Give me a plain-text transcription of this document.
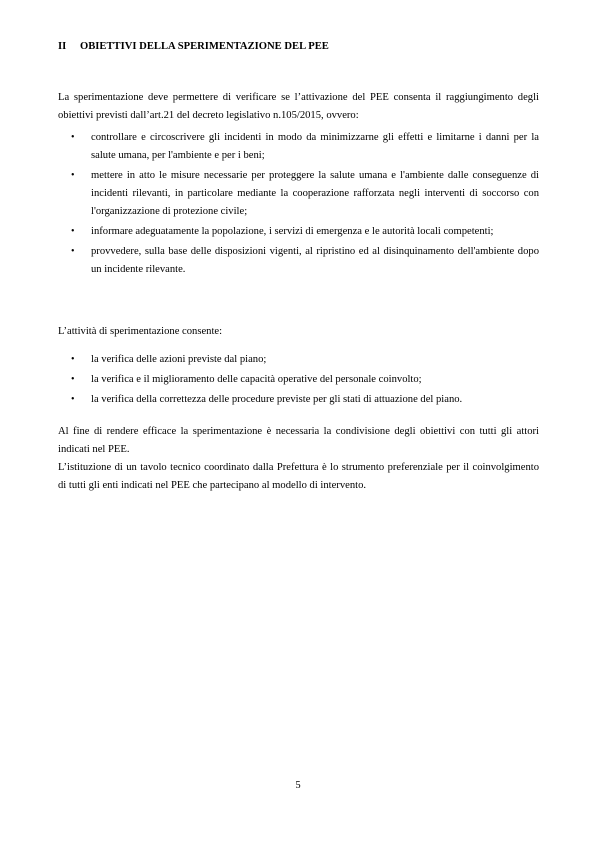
II OBIETTIVI DELLA SPERIMENTAZIONE DEL PEE
La sperimentazione deve permettere di verificare se l’attivazione del PEE consenta il raggiungimento degli obiettivi previsti dall’art.21 del decreto legislativo n.105/2015, ovvero:
• controllare e circoscrivere gli incidenti in modo da minimizzarne gli effetti e limitarne i danni per la salute umana, per l'ambiente e per i beni;
• mettere in atto le misure necessarie per proteggere la salute umana e l'ambiente dalle conseguenze di incidenti rilevanti, in particolare mediante la cooperazione rafforzata negli interventi di soccorso con l'organizzazione di protezione civile;
• informare adeguatamente la popolazione, i servizi di emergenza e le autorità locali competenti;
• provvedere, sulla base delle disposizioni vigenti, al ripristino ed al disinquinamento dell'ambiente dopo un incidente rilevante.
L’attività di sperimentazione consente:
• la verifica delle azioni previste dal piano;
• la verifica e il miglioramento delle capacità operative del personale coinvolto;
• la verifica della correttezza delle procedure previste per gli stati di attuazione del piano.
Al fine di rendere efficace la sperimentazione è necessaria la condivisione degli obiettivi con tutti gli attori indicati nel PEE.
L’istituzione di un tavolo tecnico coordinato dalla Prefettura è lo strumento preferenziale per il coinvolgimento di tutti gli enti indicati nel PEE che partecipano al modello di intervento.
5
